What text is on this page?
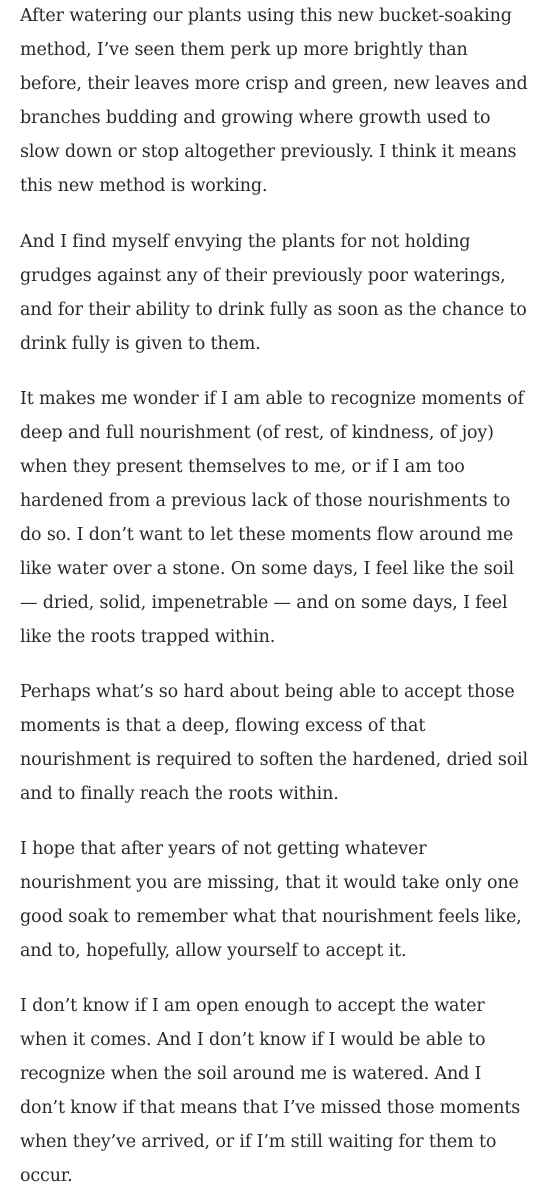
After watering our plants using this new bucket-soaking method, I’ve seen them perk up more brightly than before, their leaves more crisp and green, new leaves and branches budding and growing where growth used to slow down or stop altogether previously. I think it means this new method is working.

And I find myself envying the plants for not holding grudges against any of their previously poor waterings, and for their ability to drink fully as soon as the chance to drink fully is given to them.

It makes me wonder if I am able to recognize moments of deep and full nourishment (of rest, of kindness, of joy) when they present themselves to me, or if I am too hardened from a previous lack of those nourishments to do so. I don’t want to let these moments flow around me like water over a stone. On some days, I feel like the soil — dried, solid, impenetrable — and on some days, I feel like the roots trapped within.

Perhaps what’s so hard about being able to accept those moments is that a deep, flowing excess of that nourishment is required to soften the hardened, dried soil and to finally reach the roots within.

I hope that after years of not getting whatever nourishment you are missing, that it would take only one good soak to remember what that nourishment feels like, and to, hopefully, allow yourself to accept it.

I don’t know if I am open enough to accept the water when it comes. And I don’t know if I would be able to recognize when the soil around me is watered. And I don’t know if that means that I’ve missed those moments when they’ve arrived, or if I’m still waiting for them to occur.
